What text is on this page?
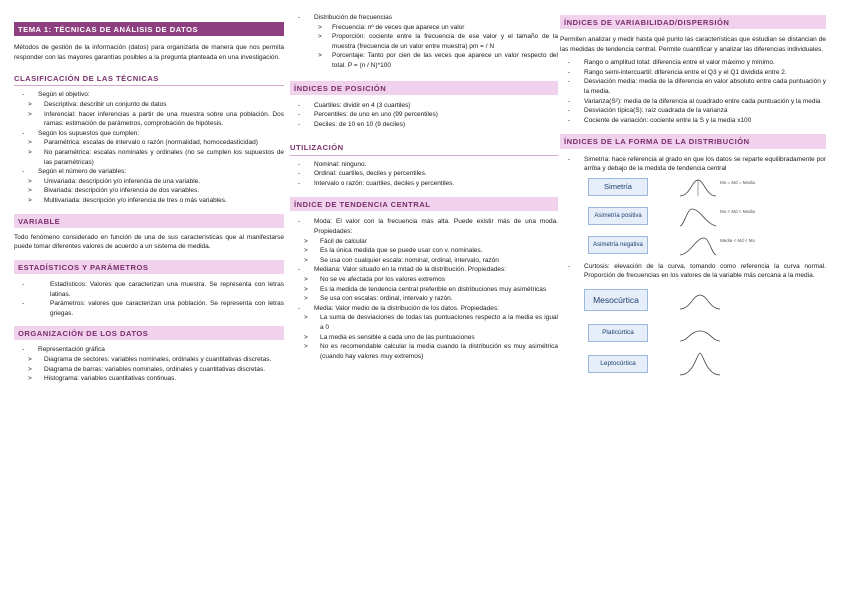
TEMA 1: TÉCNICAS DE ANÁLISIS DE DATOS

Métodos de gestión de la información (datos) para organizarla de manera que nos permita responder con las mayores garantías posibles a la pregunta planteada en una investigación.

CLASIFICACIÓN DE LAS TÉCNICAS
- Según el objetivo:
> Descriptiva: describir un conjunto de datos
> Inferencial: hacer inferencias a partir de una muestra sobre una población. Dos ramas: estimación de parámetros, comprobación de hipótesis.
- Según los supuestos que cumplen:
> Paramétrica: escalas de intervalo o razón (normalidad, homocedasticidad)
> No paramétrica: escalas nominales y ordinales (no se cumplen los supuestos de las paramétricas)
- Según el número de variables:
> Univariada: descripción y/o inferencia de una variable.
> Bivariada: descripción y/o inferencia de dos variables.
> Multivariada: descripción y/o inferencia de tres o más variables.
VARIABLE

Todo fenómeno considerado en función de una de sus características que al manifestarse puede tomar diferentes valores de acuerdo a un sistema de medida.

ESTADÍSTICOS Y PARÁMETROS
- Estadísticos: Valores que caracterizan una muestra. Se representa con letras latinas.
- Parámetros: valores que caracterizan una población. Se representa con letras griegas.
ORGANIZACIÓN DE LOS DATOS
- Representación gráfica
> Diagrama de sectores: variables nominales, ordinales y cuantitativas discretas.
> Diagrama de barras: variables nominales, ordinales y cuantitativas discretas.
> Histograma: variables cuantitativas continuas.
- Distribución de frecuencias
> Frecuencia: nº de veces que aparece un valor
> Proporción: cociente entre la frecuencia de ese valor y el tamaño de la muestra (frecuencia de un valor entre muestra) pm = / N
> Porcentaje: Tanto por cien de las veces que aparece un valor respecto del total. P = (n / N)*100
ÍNDICES DE POSICIÓN
- Cuartiles: dividir en 4 (3 cuartiles)
- Percentiles: de uno en uno (99 percentiles)
- Deciles: de 10 en 10 (9 deciles)
UTILIZACIÓN
- Nominal: ninguno.
- Ordinal: cuartiles, deciles y percentiles.
- Intervalo o razón: cuartiles, deciles y percentiles.
ÍNDICE DE TENDENCIA CENTRAL
- Moda: El valor con la frecuencia más alta. Puede existir más de una moda. Propiedades:
> Fácil de calcular
> Es la única medida que se puede usar con v. nominales.
> Se usa con cualquier escala: nominal, ordinal, intervalo, razón
- Mediana: Valor situado en la mitad de la distribución. Propiedades:
> No se ve afectada por los valores extremos
> Es la medida de tendencia central preferible en distribuciones muy asimétricas
> Se usa con escalas: ordinal, intervalo y razón.
- Media: Valor medio de la distribución de los datos. Propiedades:
> La suma de desviaciones de todas las puntuaciones respecto a la media es igual a 0
> La media es sensible a cada uno de las puntuaciones
> No es recomendable calcular la media cuando la distribución es muy asimétrica (cuando hay valores muy extremos)
ÍNDICES DE VARIABILIDAD/DISPERSIÓN

Permiten analizar y medir hasta qué punto las características que estudian se distancian de las medidas de tendencia central. Permite cuantificar y analizar las diferencias individuales.

- Rango o amplitud total: diferencia entre el valor máximo y mínimo.
- Rango semi-intercuartil: diferencia entre el Q3 y el Q1 dividida entre 2.
- Desviación media: media de la diferencia en valor absoluto entre cada puntuación y la media.
- Varianza(S²): media de la diferencia al cuadrado entre cada puntuación y la media
- Desviación típica(S): raíz cuadrada de la varianza
- Cociente de variación: cociente entre la S y la media x100
ÍNDICES DE LA FORMA DE LA DISTRIBUCIÓN
- Simetría: hace referencia al grado en que los datos se reparte equilibradamente por arriba y debajo de la medida de tendencia central
Simetría
Asimetría positiva
Asimetría negativa
Mo = Md = Media
Mo < Md < Media
Media < Md < Mo
- Curtosis: elevación de la curva, tomando como referencia la curva normal. Proporción de frecuencias en los valores de la variable más cercana a la media.
Mesocúrtica
Platicúrtica
Leptocúrtica
